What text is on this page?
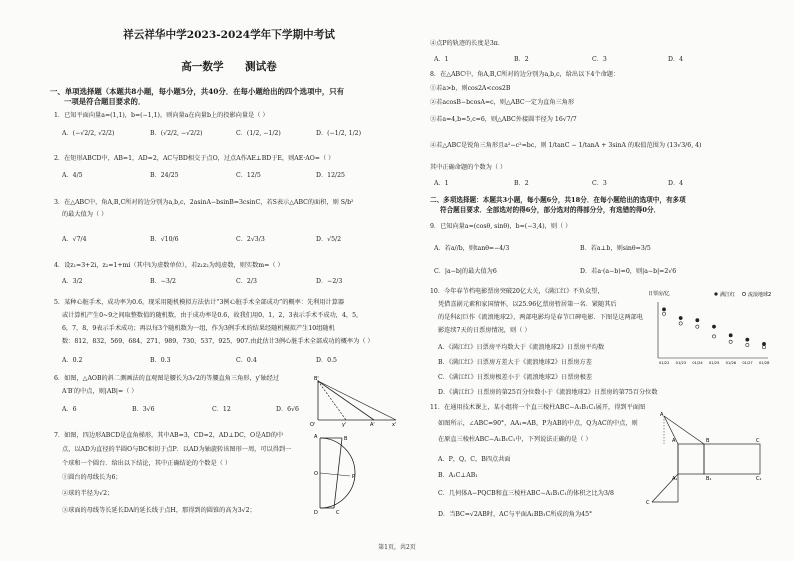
祥云祥华中学2023-2024学年下学期中考试
高一数学 测试卷
一、单项选择题（本题共8小题，每小题5分，共40分．在每小题给出的四个选项中，只有
一项是符合题目要求的．
1．已知平面向量a=(1,1)，b=(−1,1)，则向量a在向量b上的投影向量是（ ）
A．(−√2/2, √2/2)	B．(√2/2, −√2/2)	C．(1/2, −1/2)	D．(−1/2, 1/2)
2．在矩形ABCD中，AB=1，AD=2，AC与BD相交于点O，过点A作AE⊥BD于E，则AE·AO=（ ）
A．4/5	B．24/25	C．12/5	D．12/25
3．在△ABC中，角A,B,C所对的边分别为a,b,c，2asinA−bsinB=3csinC，若S表示△ABC的面积，则 S/b²
的最大值为（ ）
A．√7/4	B．√10/6	C．2√3/3	D．√5/2
4．设z₁=3+2i，z₂=1+mi（其中i为虚数单位），若z₁z₂为纯虚数，则实数m=（ ）
A．3/2	B．−3/2	C．2/3	D．−2/3
5．某种心脏手术，成功率为0.6，现采用随机模拟方法估计“3例心脏手术全部成功”的概率：先利用计算器
或计算机产生0~9之间取整数值的随机数，由于成功率是0.6，故我们用0，1，2，3表示手术不成功，4，5，
6，7，8，9表示手术成功；再以每3个随机数为一组，作为3例手术的结果经随机模拟产生10组随机
数：812，832，569，684，271，989，730，537，925，907.由此估计3例心脏手术全部成功的概率为（ ）
A．0.2	B．0.3	C．0.4	D．0.5
6．如图，△AOB的斜二测画法的直观图是腰长为3√2的等腰直角三角形，y′轴经过
A′B′的中点，则|AB|=（ ）
A．6	B．3√6	C．12	D．6√6
B'
O'	A'	x'
y'
7．如图，四边形ABCD是直角梯形，其中AB=3，CD=2，AD⊥DC，O是AD的中
点，以AD为直径的半圆O与BC相切于点P．以AD为轴旋转该图形一周，可以得到一
个球和一个圆台．给出以下结论，其中正确结论的个数是（ ）
①圆台的母线长为6；
②球的半径为√2；
③球面的母线等长延长DA的延长线于点H，那得到的圆锥的高为3√2；
A	B
O	P
D	C
④点P的轨迹的长度是3π．
A．1	B．2	C．3	D．4
8．在△ABC中，角A,B,C所对的边分别为a,b,c，给出以下4个命题：
①若a>b，则cos2A<cos2B
②若acosB−bcosA=c，则△ABC一定为直角三角形
③若a=4,b=5,c=6，则△ABC外接圆半径为 16√7/7
④若△ABC是锐角三角形且a²−c²=bc，则 1/tanC − 1/tanA + 3sinA 的取值范围为 (13√3/6, 4)
其中正确命题的个数为（ ）
A．1	B．2	C．3	D．4
二、多项选择题：本题共3小题，每小题6分，共18分．在每小题给出的选项中，有多项
符合题目要求．全部选对的得6分，部分选对的得部分分，有选错的得0分．
9．已知向量a=(cosθ, sinθ)，b=(−3,4)，则（ ）
A．若a//b，则tanθ=−4/3	B．若a⊥b，则sinθ=3/5
C．|a−b|的最大值为6	D．若a·(a−b)=0，则|a−b|=2√6
10．今年春节档电影票房突破20亿大关，《满江红》不负众望，
凭借喜剧元素和家国情怀，以25.96亿票房暂居第一名．紧随其后
的是科幻巨作《流浪地球2》，两部电影均是春节口碑电影．下图是这两部电
影连续7天的日票房情况，则（ ）
A．《满江红》日票房平均数大于《流浪地球2》日票房平均数
B．《满江红》日票房方差大于《流浪地球2》日票房方差
C．《满江红》日票房极差小于《流浪地球2》日票房极差
D．《满江红》日票房的第25百分位数小于《流浪地球2》日票房的第75百分位数
日票房/亿	满江红	流浪地球2
01/22 01/23 01/24 01/25 01/26 01/27 01/28
11．在通用技术课上，某小组将一个直三棱柱ABC−A₁B₁C₁展开，得到平面图
如图所示，∠ABC=90°，AA₁=AB，P为AB的中点，Q为AC的中点，则
在原直三棱柱ABC−A₁B₁C₁中，下列说法正确的是（ ）
A．P，Q，C，B四点共面
B．A₁C⊥AB₁
C．几何体A−PQCB和直三棱柱ABC−A₁B₁C₁的体积之比为3/8
D．当BC=√2AB时，AC与平面A₁BB₁C所成的角为45°
A
A	B	C
A₁	B₁	C₁
C
第1页，共2页
